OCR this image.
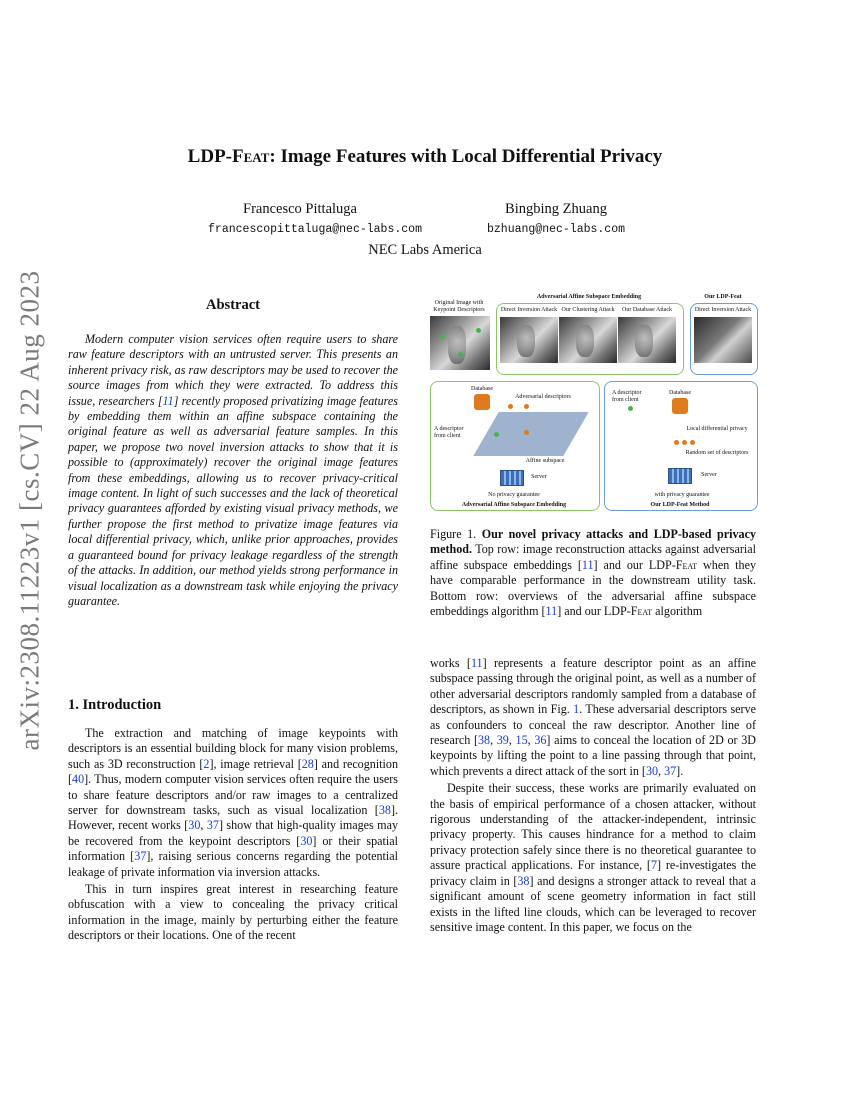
arXiv:2308.11223v1 [cs.CV] 22 Aug 2023
LDP-Feat: Image Features with Local Differential Privacy
Francesco Pittaluga	Bingbing Zhuang
francescopittaluga@nec-labs.com	bzhuang@nec-labs.com
NEC Labs America
Abstract

Modern computer vision services often require users to share raw feature descriptors with an untrusted server. This presents an inherent privacy risk, as raw descriptors may be used to recover the source images from which they were extracted. To address this issue, researchers [11] recently proposed privatizing image features by embedding them within an affine subspace containing the original feature as well as adversarial feature samples. In this paper, we propose two novel inversion attacks to show that it is possible to (approximately) recover the original image features from these embeddings, allowing us to recover privacy-critical image content. In light of such successes and the lack of theoretical privacy guarantees afforded by existing visual privacy methods, we further propose the first method to privatize image features via local differential privacy, which, unlike prior approaches, provides a guaranteed bound for privacy leakage regardless of the strength of the attacks. In addition, our method yields strong performance in visual localization as a downstream task while enjoying the privacy guarantee.

1. Introduction

The extraction and matching of image keypoints with descriptors is an essential building block for many vision problems, such as 3D reconstruction [2], image retrieval [28] and recognition [40]. Thus, modern computer vision services often require the users to share feature descriptors and/or raw images to a centralized server for downstream tasks, such as visual localization [38]. However, recent works [30, 37] show that high-quality images may be recovered from the keypoint descriptors [30] or their spatial information [37], raising serious concerns regarding the potential leakage of private information via inversion attacks.

This in turn inspires great interest in researching feature obfuscation with a view to concealing the privacy critical information in the image, mainly by perturbing either the feature descriptors or their locations. One of the recent

Original Image with Keypoint Descriptors
Adversarial Affine Subspace Embedding
Direct Inversion Attack Our Clustering Attack	Our Database Attack
Our LDP-Feat
Direct Inversion Attack
Database
Adversarial descriptors
A descriptor from client
Affine subspace
Server
No privacy guarantee
Adversarial Affine Subspace Embedding
A descriptor from client
Database
Local differential privacy
Random set of descriptors
Server
with privacy guarantee
Our LDP-Feat Method
Figure 1. Our novel privacy attacks and LDP-based privacy method. Top row: image reconstruction attacks against adversarial affine subspace embeddings [11] and our LDP-Feat when they have comparable performance in the downstream utility task. Bottom row: overviews of the adversarial affine subspace embeddings algorithm [11] and our LDP-Feat algorithm

works [11] represents a feature descriptor point as an affine subspace passing through the original point, as well as a number of other adversarial descriptors randomly sampled from a database of descriptors, as shown in Fig. 1. These adversarial descriptors serve as confounders to conceal the raw descriptor. Another line of research [38, 39, 15, 36] aims to conceal the location of 2D or 3D keypoints by lifting the point to a line passing through that point, which prevents a direct attack of the sort in [30, 37].

Despite their success, these works are primarily evaluated on the basis of empirical performance of a chosen attacker, without rigorous understanding of the attacker-independent, intrinsic privacy property. This causes hindrance for a method to claim privacy protection safely since there is no theoretical guarantee to assure practical applications. For instance, [7] re-investigates the privacy claim in [38] and designs a stronger attack to reveal that a significant amount of scene geometry information in fact still exists in the lifted line clouds, which can be leveraged to recover sensitive image content. In this paper, we focus on the
